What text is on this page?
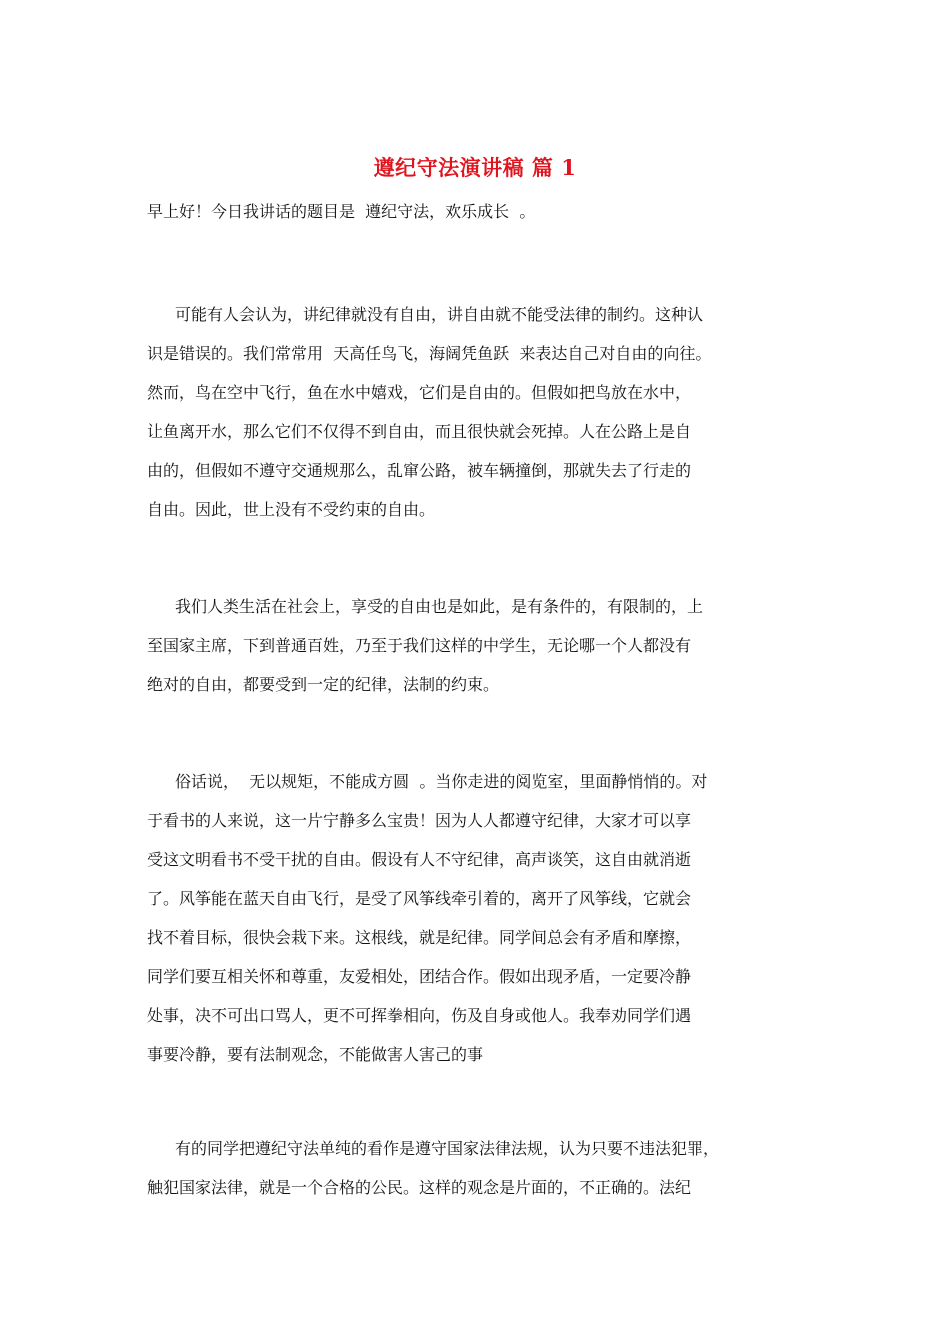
遵纪守法演讲稿 篇 1
早上好！今日我讲话的题目是  遵纪守法，欢乐成长  。
可能有人会认为，讲纪律就没有自由，讲自由就不能受法律的制约。这种认
识是错误的。我们常常用  天高任鸟飞，海阔凭鱼跃  来表达自己对自由的向往。
然而，鸟在空中飞行，鱼在水中嬉戏，它们是自由的。但假如把鸟放在水中，
让鱼离开水，那么它们不仅得不到自由，而且很快就会死掉。人在公路上是自
由的，但假如不遵守交通规那么，乱窜公路，被车辆撞倒，那就失去了行走的
自由。因此，世上没有不受约束的自由。
我们人类生活在社会上，享受的自由也是如此，是有条件的，有限制的，上
至国家主席，下到普通百姓，乃至于我们这样的中学生，无论哪一个人都没有
绝对的自由，都要受到一定的纪律，法制的约束。
俗话说，  无以规矩，不能成方圆  。当你走进的阅览室，里面静悄悄的。对
于看书的人来说，这一片宁静多么宝贵！因为人人都遵守纪律，大家才可以享
受这文明看书不受干扰的自由。假设有人不守纪律，高声谈笑，这自由就消逝
了。风筝能在蓝天自由飞行，是受了风筝线牵引着的，离开了风筝线，它就会
找不着目标，很快会栽下来。这根线，就是纪律。同学间总会有矛盾和摩擦，
同学们要互相关怀和尊重，友爱相处，团结合作。假如出现矛盾，一定要冷静
处事，决不可出口骂人，更不可挥拳相向，伤及自身或他人。我奉劝同学们遇
事要冷静，要有法制观念，不能做害人害己的事
有的同学把遵纪守法单纯的看作是遵守国家法律法规，认为只要不违法犯罪，
触犯国家法律，就是一个合格的公民。这样的观念是片面的，不正确的。法纪
